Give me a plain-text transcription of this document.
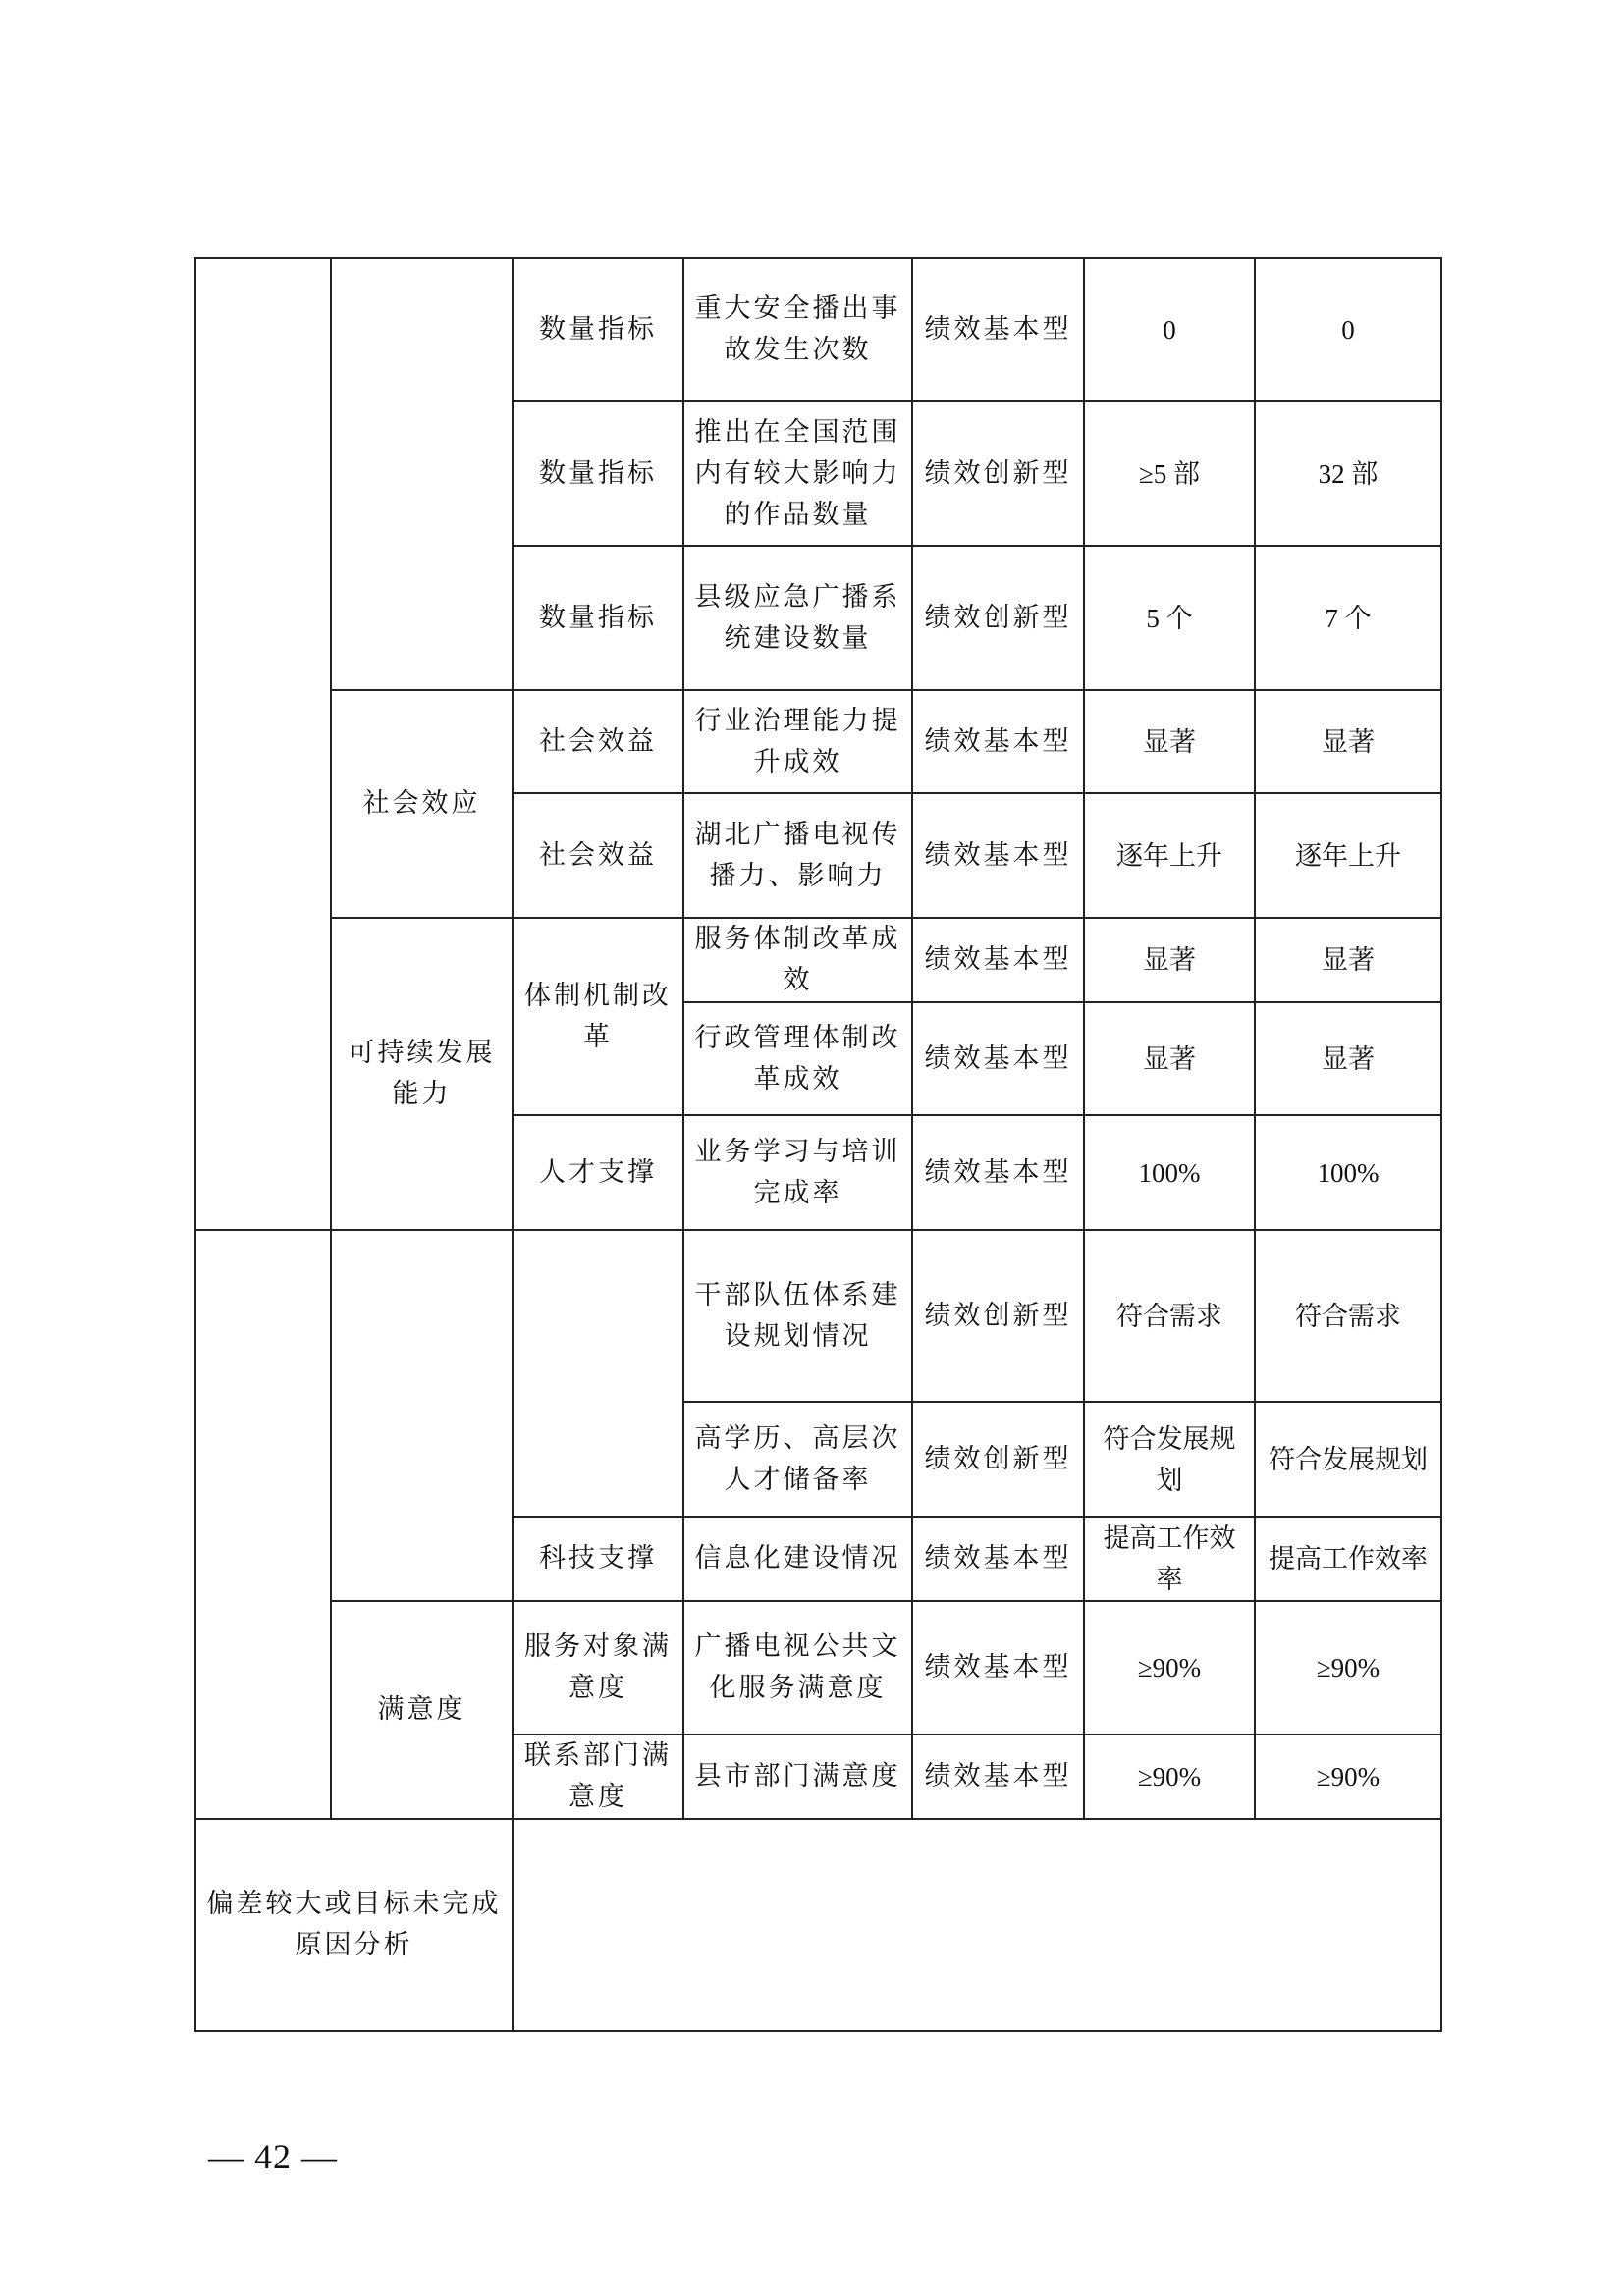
		数量指标	重大安全播出事故发生次数	绩效基本型	0	0
		数量指标	推出在全国范围内有较大影响力的作品数量	绩效创新型	≥5 部	32 部
		数量指标	县级应急广播系统建设数量	绩效创新型	5 个	7 个
	社会效应	社会效益	行业治理能力提升成效	绩效基本型	显著	显著
		社会效益	湖北广播电视传播力、影响力	绩效基本型	逐年上升	逐年上升
	可持续发展能力	体制机制改革	服务体制改革成效	绩效基本型	显著	显著
			行政管理体制改革成效	绩效基本型	显著	显著
		人才支撑	业务学习与培训完成率	绩效基本型	100%	100%
			干部队伍体系建设规划情况	绩效创新型	符合需求	符合需求
			高学历、高层次人才储备率	绩效创新型	符合发展规划	符合发展规划
		科技支撑	信息化建设情况	绩效基本型	提高工作效率	提高工作效率
	满意度	服务对象满意度	广播电视公共文化服务满意度	绩效基本型	≥90%	≥90%
		联系部门满意度	县市部门满意度	绩效基本型	≥90%	≥90%
偏差较大或目标未完成原因分析						
— 42 —
